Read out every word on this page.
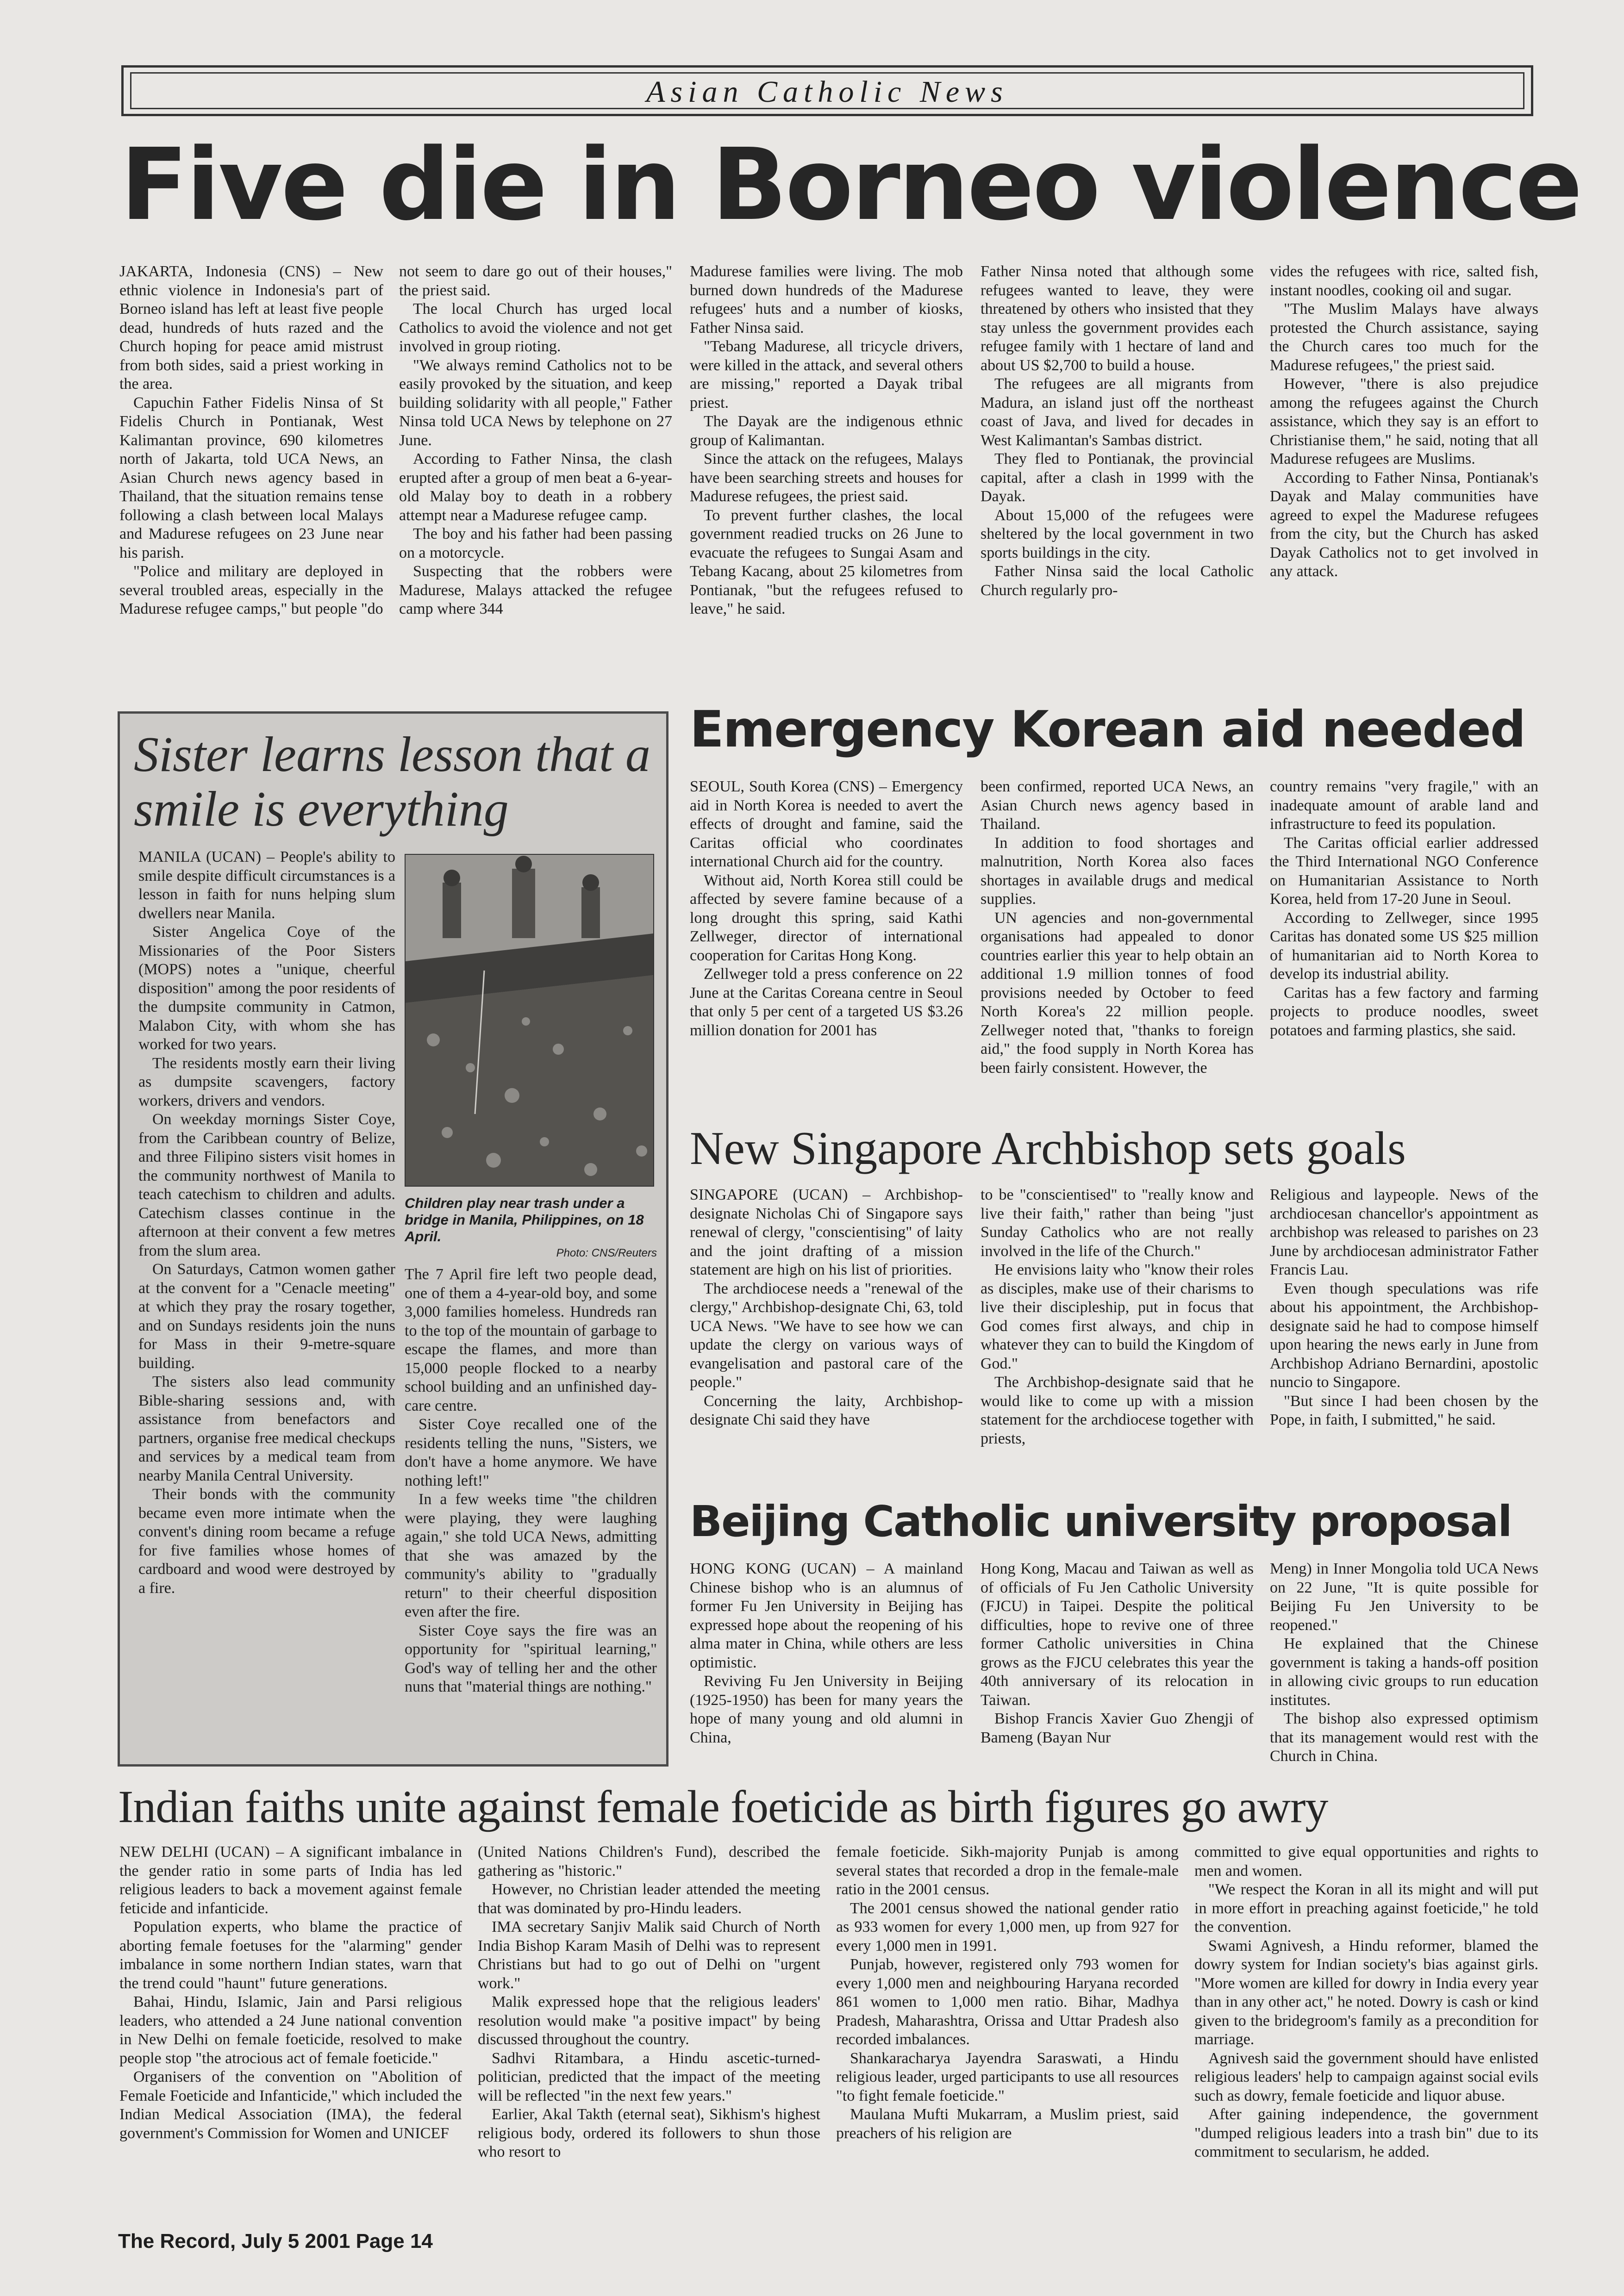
Asian Catholic News
Five die in Borneo violence

JAKARTA, Indonesia (CNS) – New ethnic violence in Indonesia's part of Borneo island has left at least five people dead, hundreds of huts razed and the Church hoping for peace amid mistrust from both sides, said a priest working in the area.

Capuchin Father Fidelis Ninsa of St Fidelis Church in Pontianak, West Kalimantan province, 690 kilometres north of Jakarta, told UCA News, an Asian Church news agency based in Thailand, that the situation remains tense following a clash between local Malays and Madurese refugees on 23 June near his parish.

"Police and military are deployed in several troubled areas, especially in the Madurese refugee camps," but people "do

not seem to dare go out of their houses," the priest said.

The local Church has urged local Catholics to avoid the violence and not get involved in group rioting.

"We always remind Catholics not to be easily provoked by the situation, and keep building solidarity with all people," Father Ninsa told UCA News by telephone on 27 June.

According to Father Ninsa, the clash erupted after a group of men beat a 6-year-old Malay boy to death in a robbery attempt near a Madurese refugee camp.

The boy and his father had been passing on a motorcycle.

Suspecting that the robbers were Madurese, Malays attacked the refugee camp where 344

Madurese families were living. The mob burned down hundreds of the Madurese refugees' huts and a number of kiosks, Father Ninsa said.

"Tebang Madurese, all tricycle drivers, were killed in the attack, and several others are missing," reported a Dayak tribal priest.

The Dayak are the indigenous ethnic group of Kalimantan.

Since the attack on the refugees, Malays have been searching streets and houses for Madurese refugees, the priest said.

To prevent further clashes, the local government readied trucks on 26 June to evacuate the refugees to Sungai Asam and Tebang Kacang, about 25 kilometres from Pontianak, "but the refugees refused to leave," he said.

Father Ninsa noted that although some refugees wanted to leave, they were threatened by others who insisted that they stay unless the government provides each refugee family with 1 hectare of land and about US $2,700 to build a house.

The refugees are all migrants from Madura, an island just off the northeast coast of Java, and lived for decades in West Kalimantan's Sambas district.

They fled to Pontianak, the provincial capital, after a clash in 1999 with the Dayak.

About 15,000 of the refugees were sheltered by the local government in two sports buildings in the city.

Father Ninsa said the local Catholic Church regularly pro-

vides the refugees with rice, salted fish, instant noodles, cooking oil and sugar.

"The Muslim Malays have always protested the Church assistance, saying the Church cares too much for the Madurese refugees," the priest said.

However, "there is also prejudice among the refugees against the Church assistance, which they say is an effort to Christianise them," he said, noting that all Madurese refugees are Muslims.

According to Father Ninsa, Pontianak's Dayak and Malay communities have agreed to expel the Madurese refugees from the city, but the Church has asked Dayak Catholics not to get involved in any attack.

Sister learns lesson that a smile is everything
Children play near trash under a bridge in Manila, Philippines, on 18 April.
Photo: CNS/Reuters

MANILA (UCAN) – People's ability to smile despite difficult circumstances is a lesson in faith for nuns helping slum dwellers near Manila.

Sister Angelica Coye of the Missionaries of the Poor Sisters (MOPS) notes a "unique, cheerful disposition" among the poor residents of the dumpsite community in Catmon, Malabon City, with whom she has worked for two years.

The residents mostly earn their living as dumpsite scavengers, factory workers, drivers and vendors.

On weekday mornings Sister Coye, from the Caribbean country of Belize, and three Filipino sisters visit homes in the community northwest of Manila to teach catechism to children and adults. Catechism classes continue in the afternoon at their convent a few metres from the slum area.

On Saturdays, Catmon women gather at the convent for a "Cenacle meeting" at which they pray the rosary together, and on Sundays residents join the nuns for Mass in their 9-metre-square building.

The sisters also lead community Bible-sharing sessions and, with assistance from benefactors and partners, organise free medical checkups and services by a medical team from nearby Manila Central University.

Their bonds with the community became even more intimate when the convent's dining room became a refuge for five families whose homes of cardboard and wood were destroyed by a fire.

The 7 April fire left two people dead, one of them a 4-year-old boy, and some 3,000 families homeless. Hundreds ran to the top of the mountain of garbage to escape the flames, and more than 15,000 people flocked to a nearby school building and an unfinished day-care centre.

Sister Coye recalled one of the residents telling the nuns, "Sisters, we don't have a home anymore. We have nothing left!"

In a few weeks time "the children were playing, they were laughing again," she told UCA News, admitting that she was amazed by the community's ability to "gradually return" to their cheerful disposition even after the fire.

Sister Coye says the fire was an opportunity for "spiritual learning," God's way of telling her and the other nuns that "material things are nothing."

Emergency Korean aid needed

SEOUL, South Korea (CNS) – Emergency aid in North Korea is needed to avert the effects of drought and famine, said the Caritas official who coordinates international Church aid for the country.

Without aid, North Korea still could be affected by severe famine because of a long drought this spring, said Kathi Zellweger, director of international cooperation for Caritas Hong Kong.

Zellweger told a press conference on 22 June at the Caritas Coreana centre in Seoul that only 5 per cent of a targeted US $3.26 million donation for 2001 has

been confirmed, reported UCA News, an Asian Church news agency based in Thailand.

In addition to food shortages and malnutrition, North Korea also faces shortages in available drugs and medical supplies.

UN agencies and non-governmental organisations had appealed to donor countries earlier this year to help obtain an additional 1.9 million tonnes of food provisions needed by October to feed North Korea's 22 million people. Zellweger noted that, "thanks to foreign aid," the food supply in North Korea has been fairly consistent. However, the

country remains "very fragile," with an inadequate amount of arable land and infrastructure to feed its population.

The Caritas official earlier addressed the Third International NGO Conference on Humanitarian Assistance to North Korea, held from 17-20 June in Seoul.

According to Zellweger, since 1995 Caritas has donated some US $25 million of humanitarian aid to North Korea to develop its industrial ability.

Caritas has a few factory and farming projects to produce noodles, sweet potatoes and farming plastics, she said.

New Singapore Archbishop sets goals

SINGAPORE (UCAN) – Archbishop-designate Nicholas Chi of Singapore says renewal of clergy, "conscientising" of laity and the joint drafting of a mission statement are high on his list of priorities.

The archdiocese needs a "renewal of the clergy," Archbishop-designate Chi, 63, told UCA News. "We have to see how we can update the clergy on various ways of evangelisation and pastoral care of the people."

Concerning the laity, Archbishop-designate Chi said they have

to be "conscientised" to "really know and live their faith," rather than being "just Sunday Catholics who are not really involved in the life of the Church."

He envisions laity who "know their roles as disciples, make use of their charisms to live their discipleship, put in focus that God comes first always, and chip in whatever they can to build the Kingdom of God."

The Archbishop-designate said that he would like to come up with a mission statement for the archdiocese together with priests,

Religious and laypeople. News of the archdiocesan chancellor's appointment as archbishop was released to parishes on 23 June by archdiocesan administrator Father Francis Lau.

Even though speculations was rife about his appointment, the Archbishop-designate said he had to compose himself upon hearing the news early in June from Archbishop Adriano Bernardini, apostolic nuncio to Singapore.

"But since I had been chosen by the Pope, in faith, I submitted," he said.

Beijing Catholic university proposal

HONG KONG (UCAN) – A mainland Chinese bishop who is an alumnus of former Fu Jen University in Beijing has expressed hope about the reopening of his alma mater in China, while others are less optimistic.

Reviving Fu Jen University in Beijing (1925-1950) has been for many years the hope of many young and old alumni in China,

Hong Kong, Macau and Taiwan as well as of officials of Fu Jen Catholic University (FJCU) in Taipei. Despite the political difficulties, hope to revive one of three former Catholic universities in China grows as the FJCU celebrates this year the 40th anniversary of its relocation in Taiwan.

Bishop Francis Xavier Guo Zhengji of Bameng (Bayan Nur

Meng) in Inner Mongolia told UCA News on 22 June, "It is quite possible for Beijing Fu Jen University to be reopened."

He explained that the Chinese government is taking a hands-off position in allowing civic groups to run education institutes.

The bishop also expressed optimism that its management would rest with the Church in China.

Indian faiths unite against female foeticide as birth figures go awry

NEW DELHI (UCAN) – A significant imbalance in the gender ratio in some parts of India has led religious leaders to back a movement against female feticide and infanticide.

Population experts, who blame the practice of aborting female foetuses for the "alarming" gender imbalance in some northern Indian states, warn that the trend could "haunt" future generations.

Bahai, Hindu, Islamic, Jain and Parsi religious leaders, who attended a 24 June national convention in New Delhi on female foeticide, resolved to make people stop "the atrocious act of female foeticide."

Organisers of the convention on "Abolition of Female Foeticide and Infanticide," which included the Indian Medical Association (IMA), the federal government's Commission for Women and UNICEF

(United Nations Children's Fund), described the gathering as "historic."

However, no Christian leader attended the meeting that was dominated by pro-Hindu leaders.

IMA secretary Sanjiv Malik said Church of North India Bishop Karam Masih of Delhi was to represent Christians but had to go out of Delhi on "urgent work."

Malik expressed hope that the religious leaders' resolution would make "a positive impact" by being discussed throughout the country.

Sadhvi Ritambara, a Hindu ascetic-turned-politician, predicted that the impact of the meeting will be reflected "in the next few years."

Earlier, Akal Takth (eternal seat), Sikhism's highest religious body, ordered its followers to shun those who resort to

female foeticide. Sikh-majority Punjab is among several states that recorded a drop in the female-male ratio in the 2001 census.

The 2001 census showed the national gender ratio as 933 women for every 1,000 men, up from 927 for every 1,000 men in 1991.

Punjab, however, registered only 793 women for every 1,000 men and neighbouring Haryana recorded 861 women to 1,000 men ratio. Bihar, Madhya Pradesh, Maharashtra, Orissa and Uttar Pradesh also recorded imbalances.

Shankaracharya Jayendra Saraswati, a Hindu religious leader, urged participants to use all resources "to fight female foeticide."

Maulana Mufti Mukarram, a Muslim priest, said preachers of his religion are

committed to give equal opportunities and rights to men and women.

"We respect the Koran in all its might and will put in more effort in preaching against foeticide," he told the convention.

Swami Agnivesh, a Hindu reformer, blamed the dowry system for Indian society's bias against girls. "More women are killed for dowry in India every year than in any other act," he noted. Dowry is cash or kind given to the bridegroom's family as a precondition for marriage.

Agnivesh said the government should have enlisted religious leaders' help to campaign against social evils such as dowry, female foeticide and liquor abuse.

After gaining independence, the government "dumped religious leaders into a trash bin" due to its commitment to secularism, he added.

The Record, July 5 2001 Page 14
